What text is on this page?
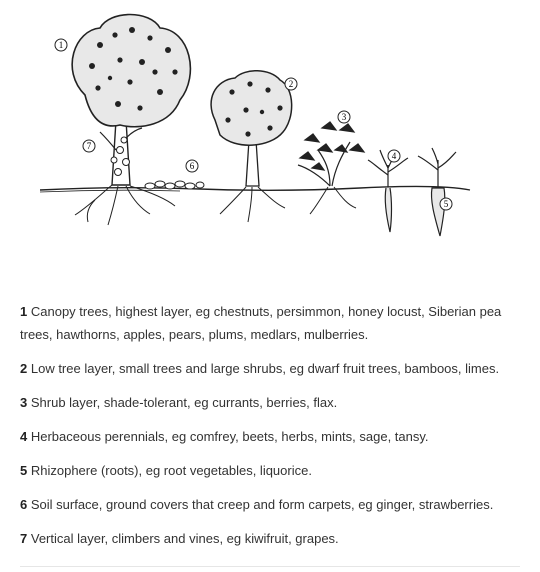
1
2
3
4
5
6
7
1 Canopy trees, highest layer, eg chestnuts, persimmon, honey locust, Siberian pea trees, hawthorns, apples, pears, plums, medlars, mulberries.
2 Low tree layer, small trees and large shrubs, eg dwarf fruit trees, bamboos, limes.
3 Shrub layer, shade-tolerant, eg currants, berries, flax.
4 Herbaceous perennials, eg comfrey, beets, herbs, mints, sage, tansy.
5 Rhizophere (roots), eg root vegetables, liquorice.
6 Soil surface, ground covers that creep and form carpets, eg ginger, strawberries.
7 Vertical layer, climbers and vines, eg kiwifruit, grapes.
